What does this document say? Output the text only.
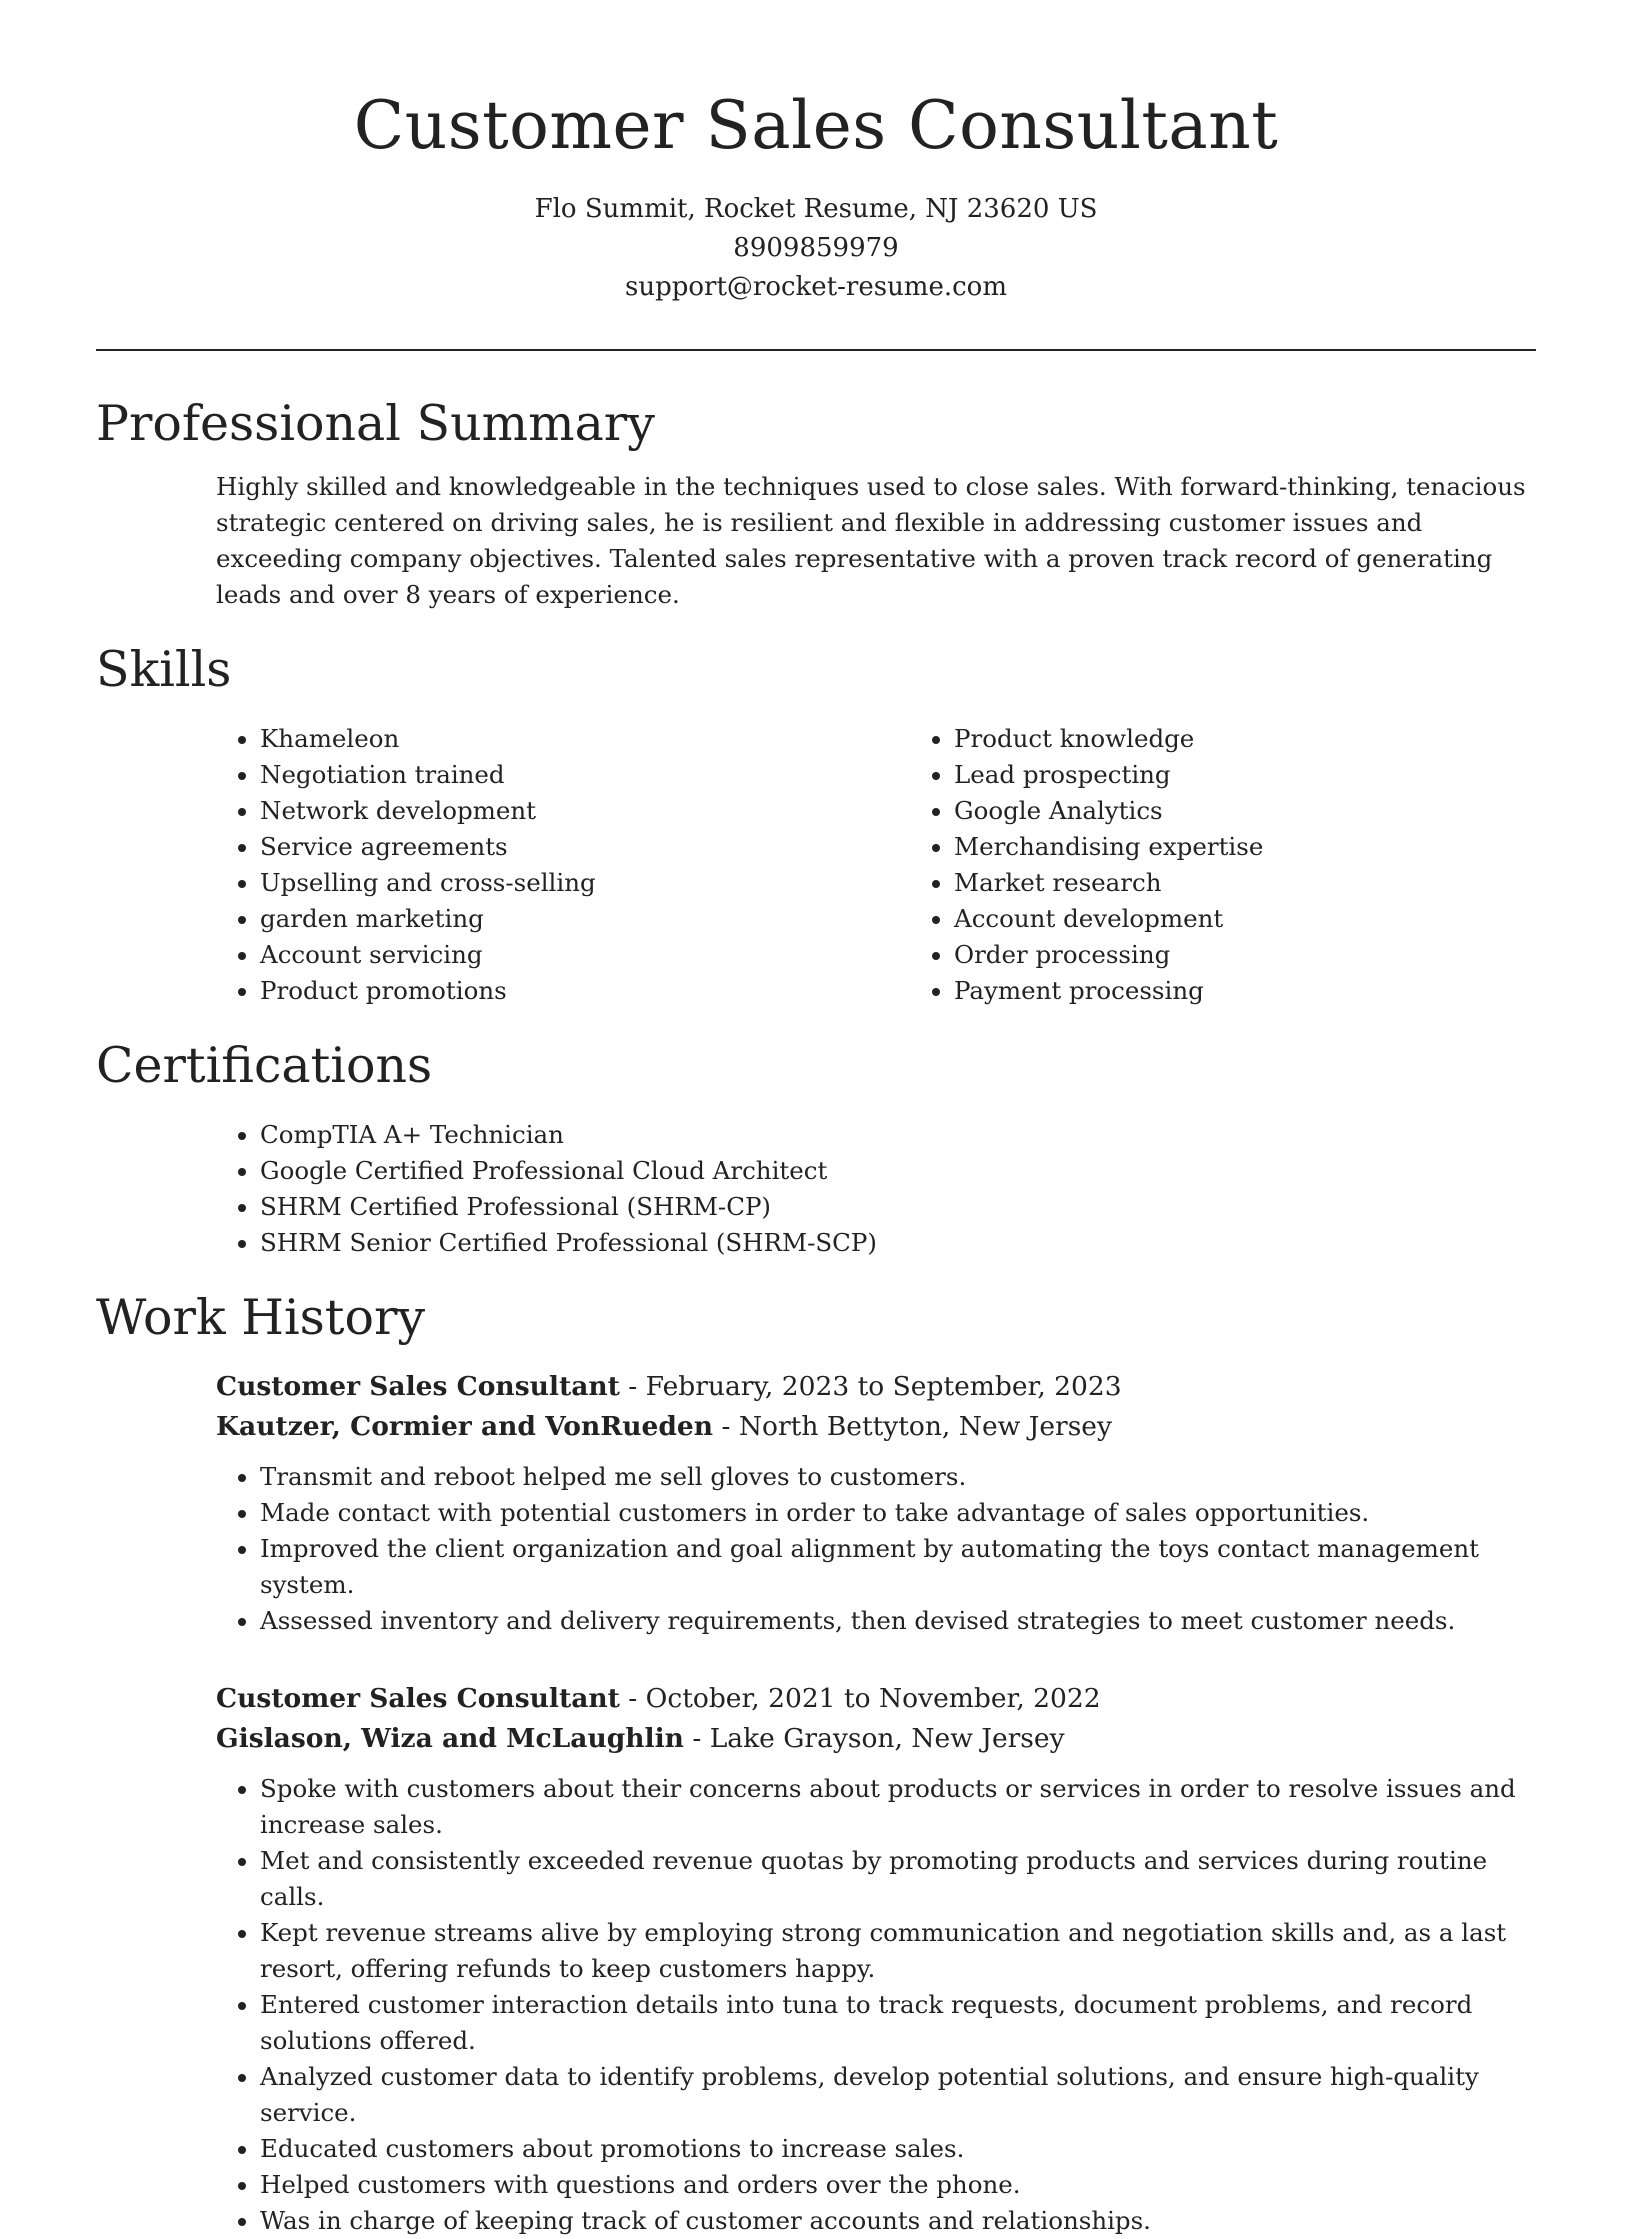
Customer Sales Consultant
Flo Summit, Rocket Resume, NJ 23620 US
8909859979
support@rocket-resume.com
Professional Summary
Highly skilled and knowledgeable in the techniques used to close sales. With forward-thinking, tenacious strategic centered on driving sales, he is resilient and flexible in addressing customer issues and exceeding company objectives. Talented sales representative with a proven track record of generating leads and over 8 years of experience.
Skills
• Khameleon
• Negotiation trained
• Network development
• Service agreements
• Upselling and cross-selling
• garden marketing
• Account servicing
• Product promotions
• Product knowledge
• Lead prospecting
• Google Analytics
• Merchandising expertise
• Market research
• Account development
• Order processing
• Payment processing
Certifications
• CompTIA A+ Technician
• Google Certified Professional Cloud Architect
• SHRM Certified Professional (SHRM-CP)
• SHRM Senior Certified Professional (SHRM-SCP)
Work History
Customer Sales Consultant - February, 2023 to September, 2023
Kautzer, Cormier and VonRueden - North Bettyton, New Jersey
• Transmit and reboot helped me sell gloves to customers.
• Made contact with potential customers in order to take advantage of sales opportunities.
• Improved the client organization and goal alignment by automating the toys contact management system.
• Assessed inventory and delivery requirements, then devised strategies to meet customer needs.
Customer Sales Consultant - October, 2021 to November, 2022
Gislason, Wiza and McLaughlin - Lake Grayson, New Jersey
• Spoke with customers about their concerns about products or services in order to resolve issues and increase sales.
• Met and consistently exceeded revenue quotas by promoting products and services during routine calls.
• Kept revenue streams alive by employing strong communication and negotiation skills and, as a last resort, offering refunds to keep customers happy.
• Entered customer interaction details into tuna to track requests, document problems, and record solutions offered.
• Analyzed customer data to identify problems, develop potential solutions, and ensure high-quality service.
• Educated customers about promotions to increase sales.
• Helped customers with questions and orders over the phone.
• Was in charge of keeping track of customer accounts and relationships.
